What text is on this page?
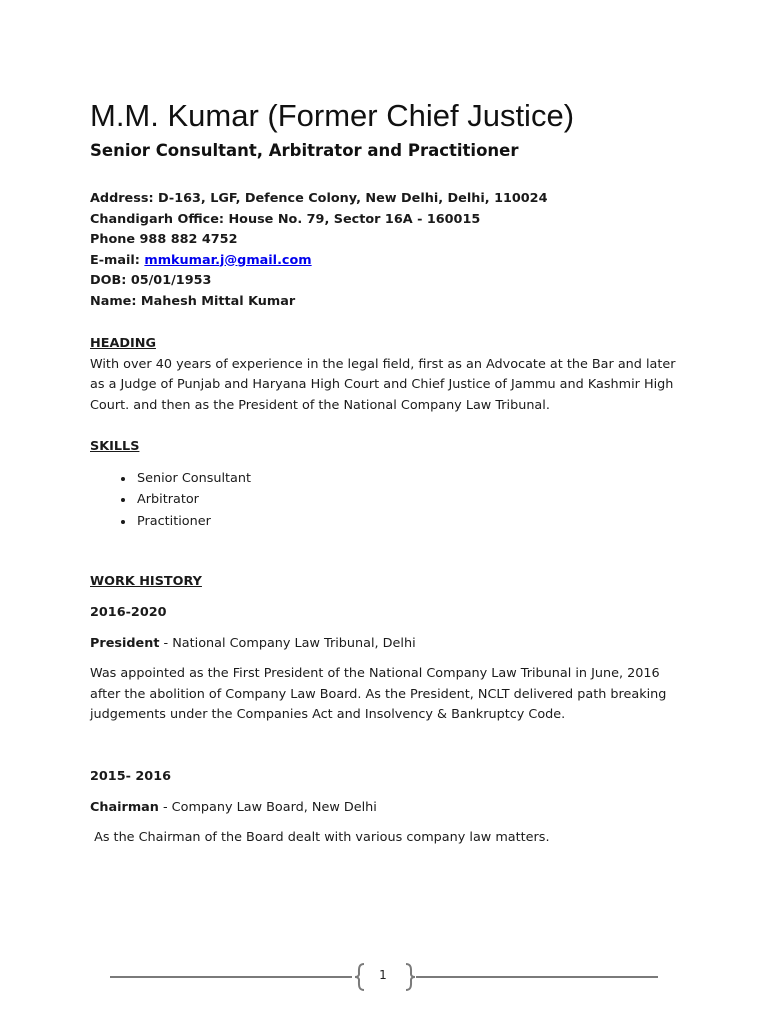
M.M. Kumar (Former Chief Justice)
Senior Consultant, Arbitrator and Practitioner
Address: D-163, LGF, Defence Colony, New Delhi, Delhi, 110024
Chandigarh Office: House No. 79, Sector 16A - 160015
Phone 988 882 4752
E-mail: mmkumar.j@gmail.com
DOB: 05/01/1953
Name: Mahesh Mittal Kumar
HEADING

With over 40 years of experience in the legal field, first as an Advocate at the Bar and later as a Judge of Punjab and Haryana High Court and Chief Justice of Jammu and Kashmir High Court. and then as the President of the National Company Law Tribunal.

SKILLS
• Senior Consultant
• Arbitrator
• Practitioner
WORK HISTORY
2016-2020
President - National Company Law Tribunal, Delhi

Was appointed as the First President of the National Company Law Tribunal in June, 2016 after the abolition of Company Law Board. As the President, NCLT delivered path breaking judgements under the Companies Act and Insolvency & Bankruptcy Code.

2015- 2016
Chairman - Company Law Board, New Delhi

As the Chairman of the Board dealt with various company law matters.

1
